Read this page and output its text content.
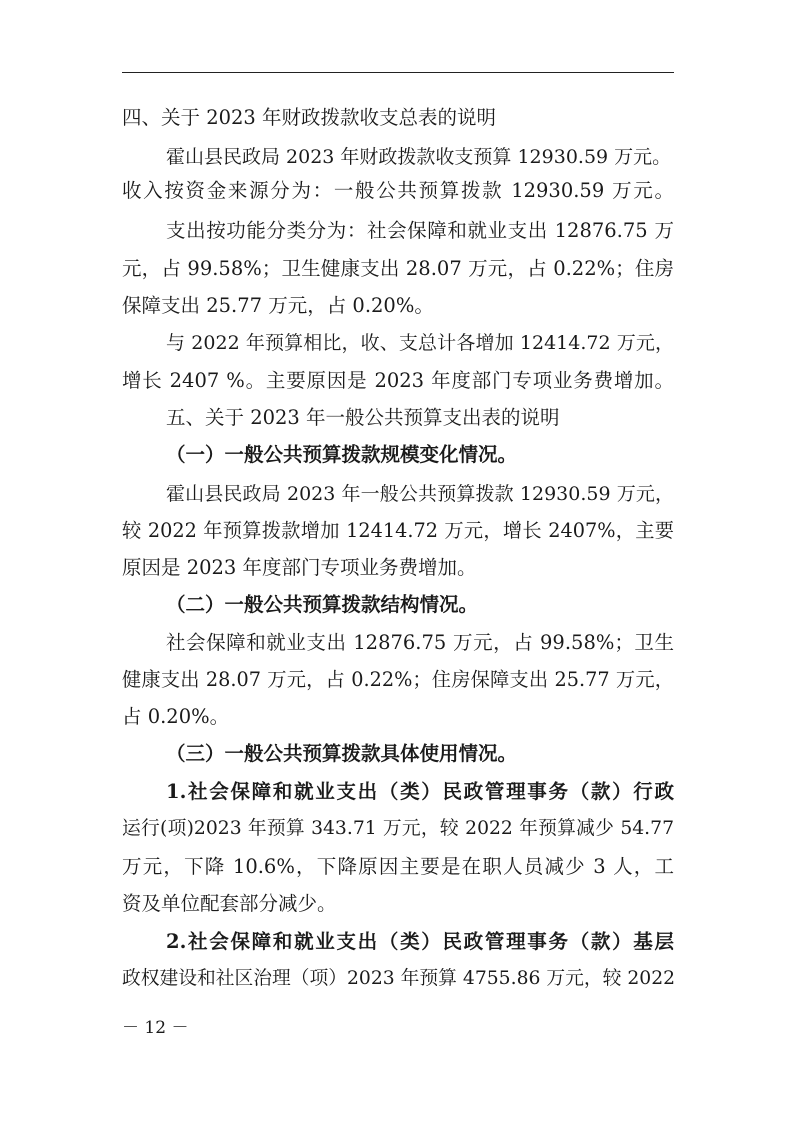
四、关于 2023 年财政拨款收支总表的说明
霍山县民政局 2023 年财政拨款收支预算 12930.59 万元。
收入按资金来源分为：一般公共预算拨款 12930.59 万元。
支出按功能分类分为：社会保障和就业支出 12876.75 万
元，占 99.58%；卫生健康支出 28.07 万元，占 0.22%；住房
保障支出 25.77 万元，占 0.20%。
与 2022 年预算相比，收、支总计各增加 12414.72 万元，
增长 2407 %。主要原因是 2023 年度部门专项业务费增加。
五、关于 2023 年一般公共预算支出表的说明
（一）一般公共预算拨款规模变化情况。
霍山县民政局 2023 年一般公共预算拨款 12930.59 万元，
较 2022 年预算拨款增加 12414.72 万元，增长 2407%，主要
原因是 2023 年度部门专项业务费增加。
（二）一般公共预算拨款结构情况。
社会保障和就业支出 12876.75 万元，占 99.58%；卫生
健康支出 28.07 万元，占 0.22%；住房保障支出 25.77 万元，
占 0.20%。
（三）一般公共预算拨款具体使用情况。
1.社会保障和就业支出（类）民政管理事务（款）行政
运行(项)2023 年预算 343.71 万元，较 2022 年预算减少 54.77
万元，下降 10.6%，下降原因主要是在职人员减少 3 人，工
资及单位配套部分减少。
2.社会保障和就业支出（类）民政管理事务（款）基层
政权建设和社区治理（项）2023 年预算 4755.86 万元，较 2022
－ 12 －
